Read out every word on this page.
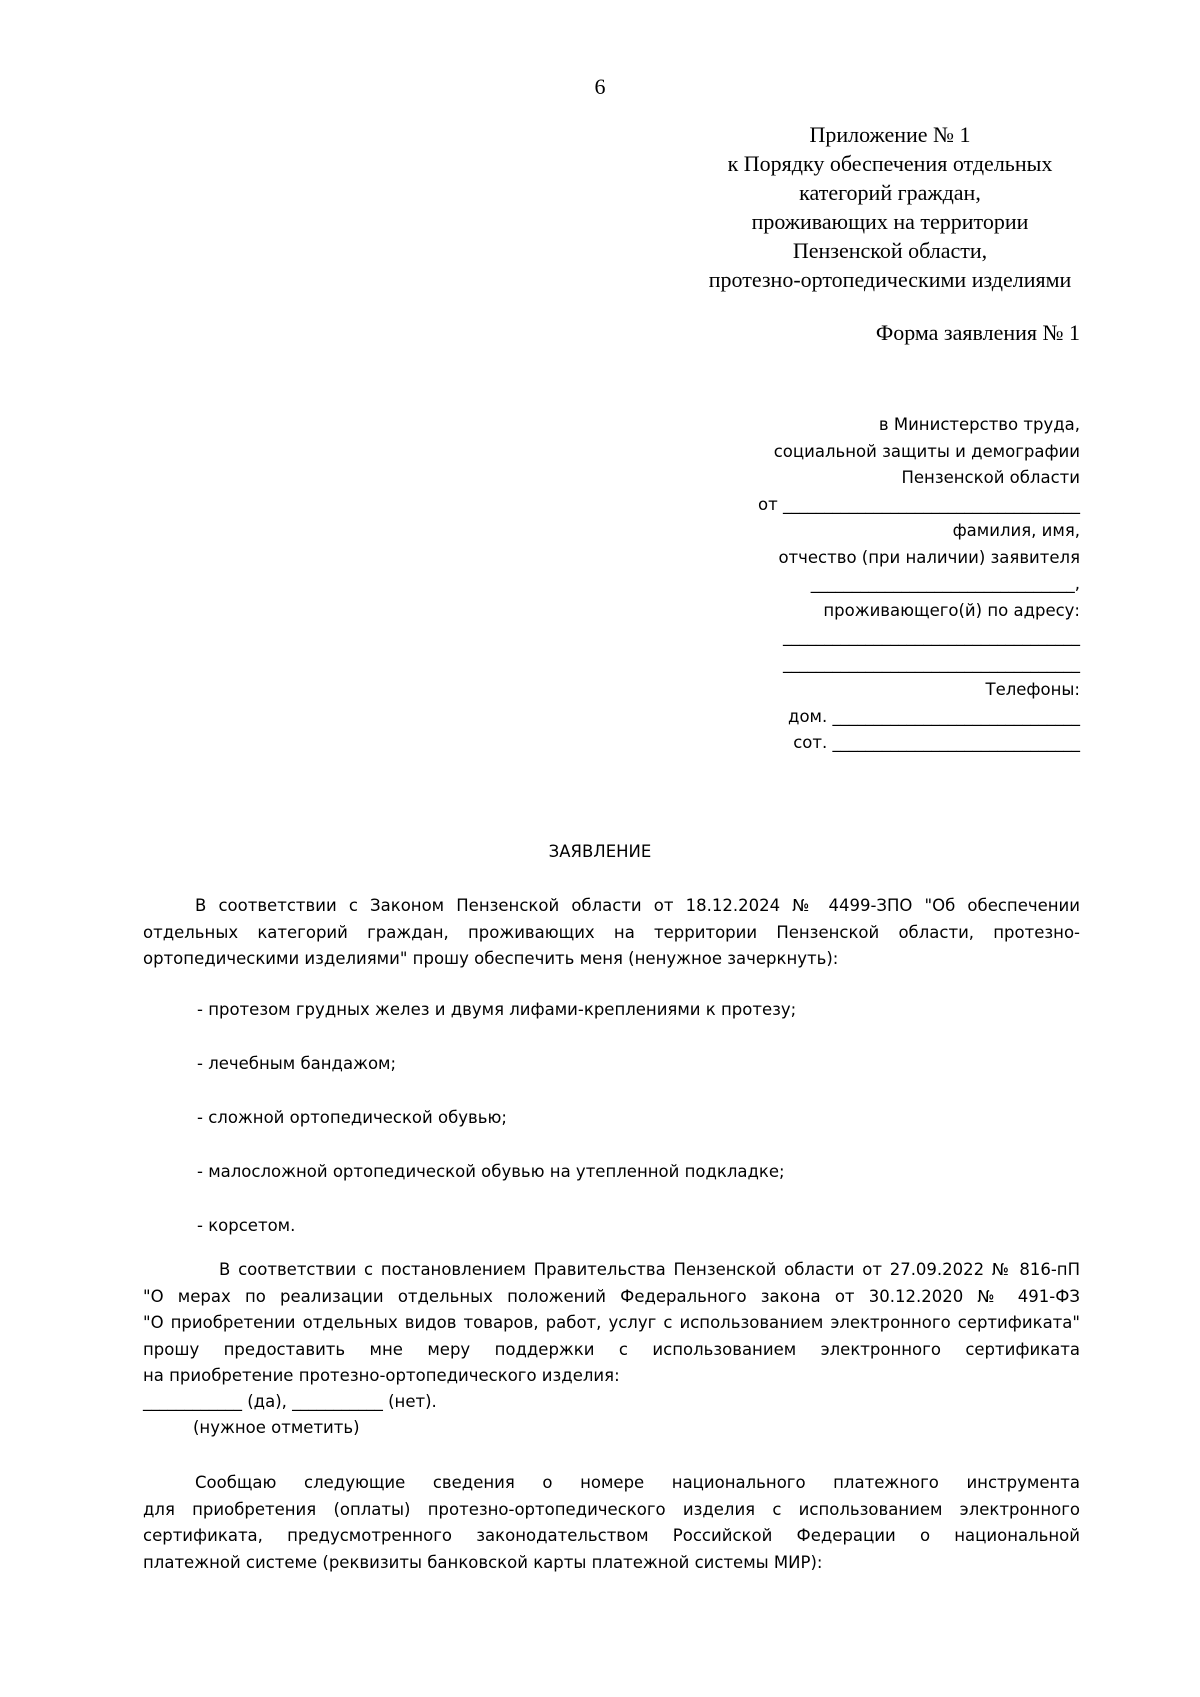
6
Приложение № 1
к Порядку обеспечения отдельных
категорий граждан,
проживающих на территории
Пензенской области,
протезно-ортопедическими изделиями
Форма заявления № 1
в Министерство труда,
социальной защиты и демографии
Пензенской области
от ____________________________________
фамилия, имя,
отчество (при наличии) заявителя
________________________________,
проживающего(й) по адресу:
____________________________________
____________________________________
Телефоны:
дом. ______________________________
сот. ______________________________
ЗАЯВЛЕНИЕ
В соответствии с Законом Пензенской области от 18.12.2024 № 4499-ЗПО "Об обеспечении
отдельных категорий граждан, проживающих на территории Пензенской области, протезно-
ортопедическими изделиями" прошу обеспечить меня (ненужное зачеркнуть):
- протезом грудных желез и двумя лифами-креплениями к протезу;
- лечебным бандажом;
- сложной ортопедической обувью;
- малосложной ортопедической обувью на утепленной подкладке;
- корсетом.
В соответствии с постановлением Правительства Пензенской области от 27.09.2022 № 816-пП
"О мерах по реализации отдельных положений Федерального закона от 30.12.2020 № 491-ФЗ
"О приобретении отдельных видов товаров, работ, услуг с использованием электронного сертификата"
прошу предоставить мне меру поддержки с использованием электронного сертификата
на приобретение протезно-ортопедического изделия:
____________ (да), ___________ (нет).
(нужное отметить)
Сообщаю следующие сведения о номере национального платежного инструмента
для приобретения (оплаты) протезно-ортопедического изделия с использованием электронного
сертификата, предусмотренного законодательством Российской Федерации о национальной
платежной системе (реквизиты банковской карты платежной системы МИР):
